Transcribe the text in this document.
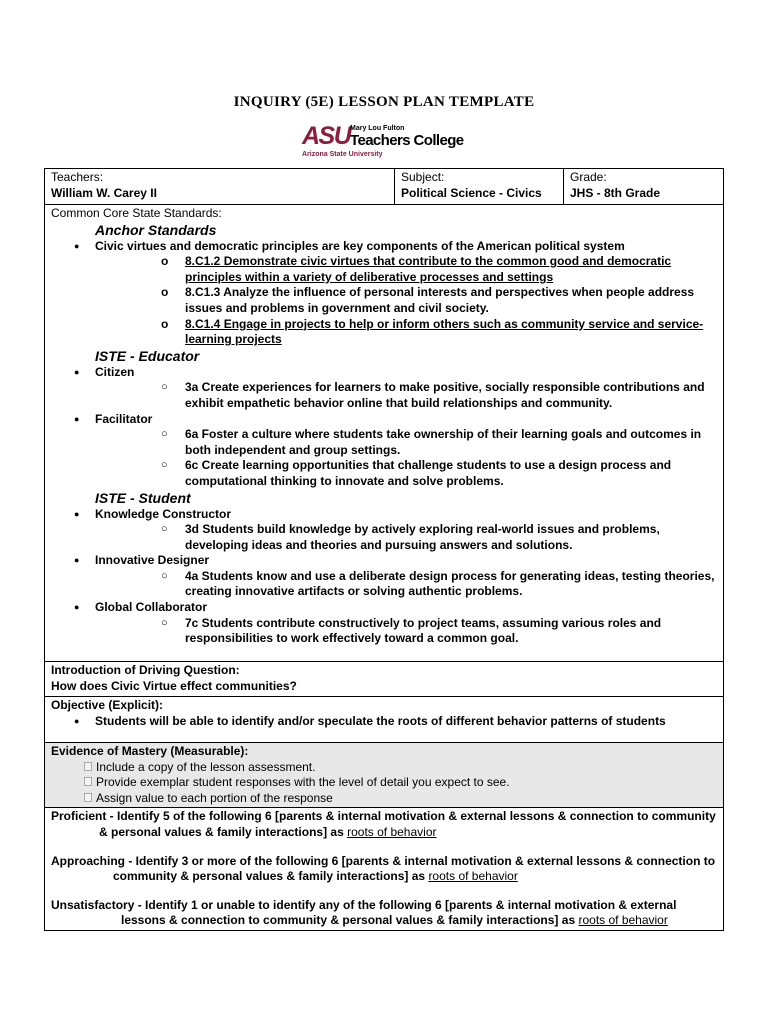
INQUIRY (5E) LESSON PLAN TEMPLATE
ASU Mary Lou Fulton
Teachers College
Arizona State University
Teachers:
William W. Carey II

Subject:
Political Science - Civics

Grade:
JHS - 8th Grade

Common Core State Standards:
Anchor Standards
● Civic virtues and democratic principles are key components of the American political system
o 8.C1.2 Demonstrate civic virtues that contribute to the common good and democratic principles within a variety of deliberative processes and settings
o 8.C1.3 Analyze the influence of personal interests and perspectives when people address issues and problems in government and civil society.
o 8.C1.4 Engage in projects to help or inform others such as community service and service-learning projects
ISTE - Educator
● Citizen
○ 3a Create experiences for learners to make positive, socially responsible contributions and exhibit empathetic behavior online that build relationships and community.
● Facilitator
○ 6a Foster a culture where students take ownership of their learning goals and outcomes in both independent and group settings.
○ 6c Create learning opportunities that challenge students to use a design process and computational thinking to innovate and solve problems.
ISTE - Student
● Knowledge Constructor
○ 3d Students build knowledge by actively exploring real-world issues and problems, developing ideas and theories and pursuing answers and solutions.
● Innovative Designer
○ 4a Students know and use a deliberate design process for generating ideas, testing theories, creating innovative artifacts or solving authentic problems.
● Global Collaborator
○ 7c Students contribute constructively to project teams, assuming various roles and responsibilities to work effectively toward a common goal.

Introduction of Driving Question:
How does Civic Virtue effect communities?

Objective (Explicit):
● Students will be able to identify and/or speculate the roots of different behavior patterns of students

Evidence of Mastery (Measurable):
Include a copy of the lesson assessment.
Provide exemplar student responses with the level of detail you expect to see.
Assign value to each portion of the response

Proficient - Identify 5 of the following 6 [parents & internal motivation & external lessons & connection to community
& personal values & family interactions] as roots of behavior
Approaching - Identify 3 or more of the following 6 [parents & internal motivation & external lessons & connection to
community & personal values & family interactions] as roots of behavior
Unsatisfactory - Identify 1 or unable to identify any of the following 6 [parents & internal motivation & external
lessons & connection to community & personal values & family interactions] as roots of behavior
